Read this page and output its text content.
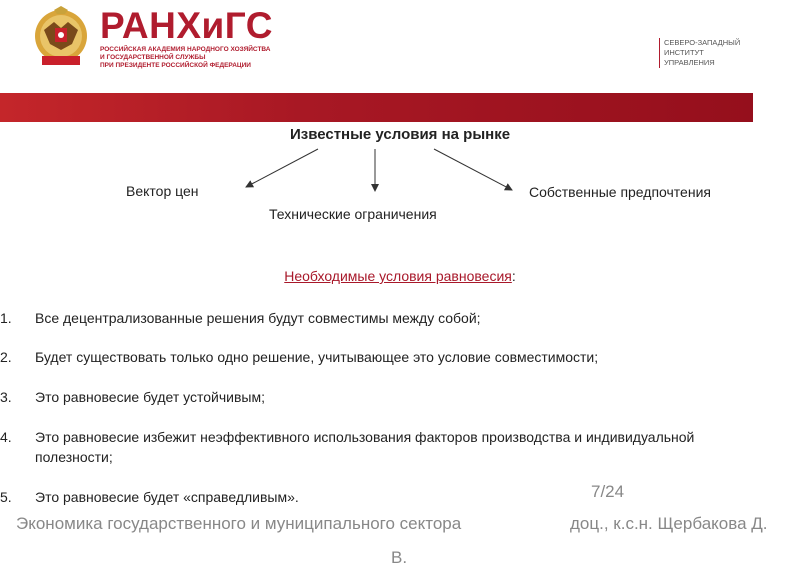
РАНХиГС
РОССИЙСКАЯ АКАДЕМИЯ НАРОДНОГО ХОЗЯЙСТВА
И ГОСУДАРСТВЕННОЙ СЛУЖБЫ
ПРИ ПРЕЗИДЕНТЕ РОССИЙСКОЙ ФЕДЕРАЦИИ
СЕВЕРО-ЗАПАДНЫЙ
ИНСТИТУТ
УПРАВЛЕНИЯ
Известные условия на рынке
Вектор цен
Технические ограничения
Собственные предпочтения
Необходимые условия равновесия:
1. Все децентрализованные решения будут совместимы между собой;
2. Будет существовать только одно решение, учитывающее это условие совместимости;
3. Это равновесие будет устойчивым;
4. Это равновесие избежит неэффективного использования факторов производства и индивидуальной полезности;
5. Это равновесие будет «справедливым».	7/24
Экономика государственного и муниципального сектора	доц., к.с.н. Щербакова Д.
В.
